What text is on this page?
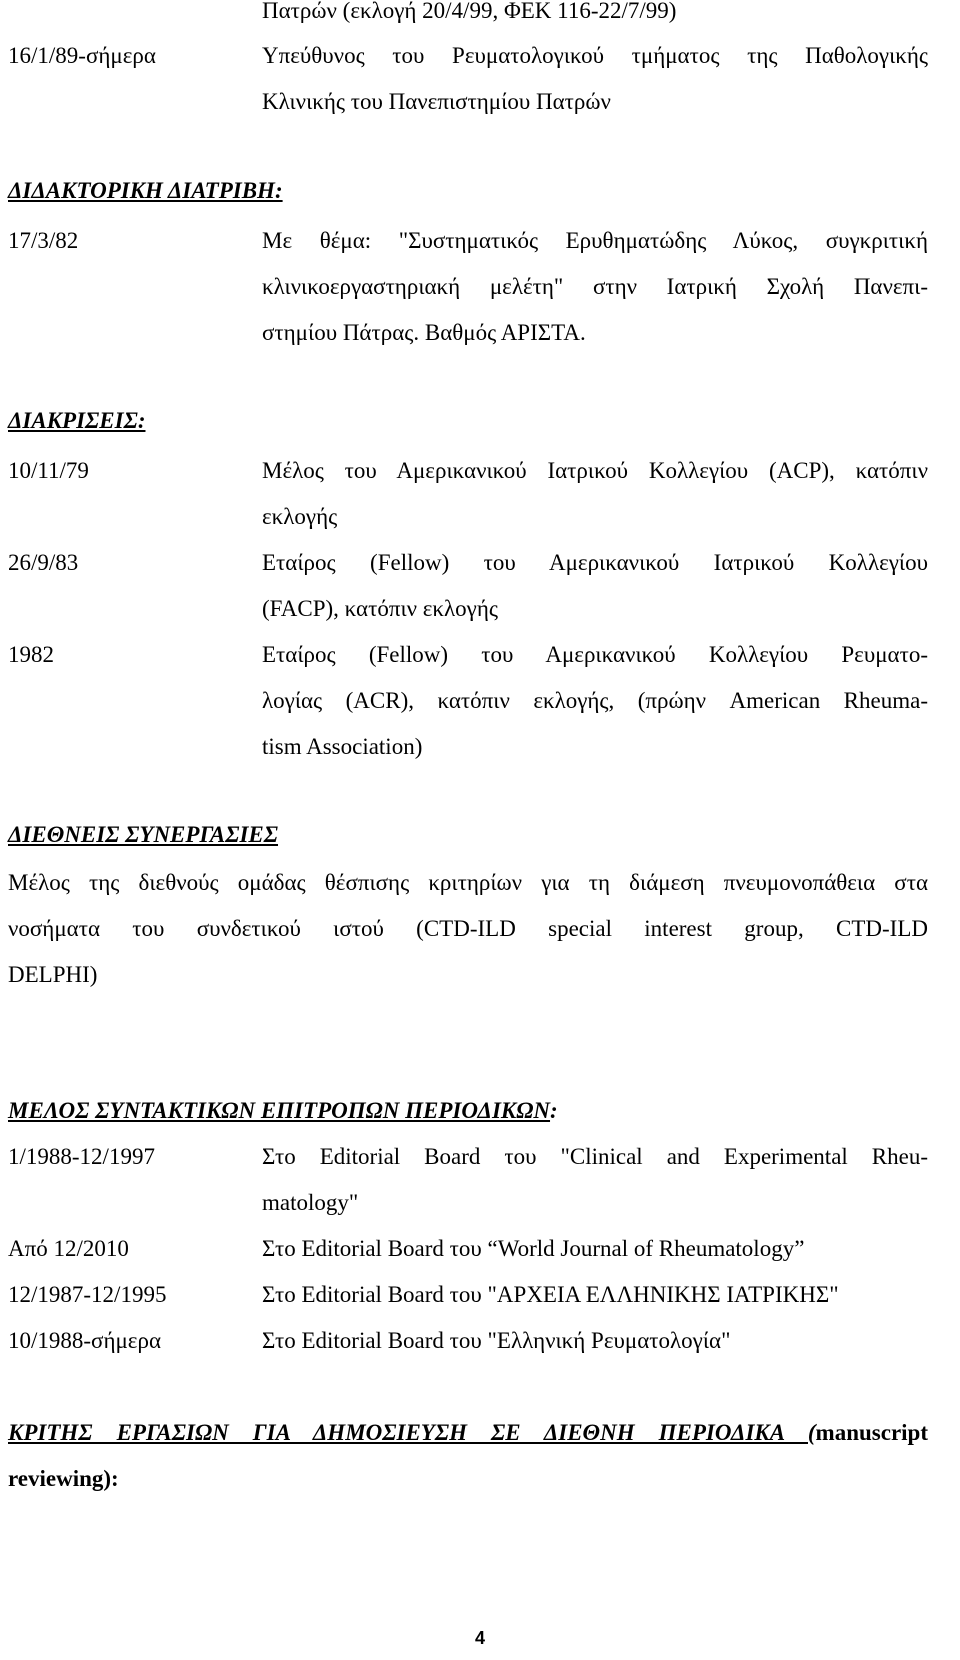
Πατρών (εκλογή 20/4/99, ΦΕΚ 116-22/7/99)
16/1/89-σήμερα	Υπεύθυνος του Ρευματολογικού τμήματος της Παθολογικής
Κλινικής του Πανεπιστημίου Πατρών
ΔΙΔΑΚΤΟΡΙΚΗ ΔΙΑΤΡΙΒΗ:
17/3/82	Με θέμα: "Συστηματικός Ερυθηματώδης Λύκος, συγκριτική
κλινικοεργαστηριακή μελέτη" στην Ιατρική Σχολή Πανεπι-
στημίου Πάτρας. Βαθμός ΑΡΙΣΤΑ.
ΔΙΑΚΡΙΣΕΙΣ:
10/11/79	Μέλος του Αμερικανικού Ιατρικού Κολλεγίου (ACP), κατόπιν
εκλογής
26/9/83	Εταίρος (Fellow) του Αμερικανικού Ιατρικού Κολλεγίου
(FACP), κατόπιν εκλογής
1982	Εταίρος (Fellow) του Αμερικανικού Κολλεγίου Ρευματο-
λογίας (ACR), κατόπιν εκλογής, (πρώην American Rheuma-
tism Association)
ΔΙΕΘΝΕΙΣ ΣΥΝΕΡΓΑΣΙΕΣ
Μέλος της διεθνούς ομάδας θέσπισης κριτηρίων για τη διάμεση πνευμονοπάθεια στα
νοσήματα του συνδετικού ιστού (CTD-ILD special interest group, CTD-ILD
DELPHI)
ΜΕΛΟΣ ΣΥΝΤΑΚΤΙΚΩΝ ΕΠΙΤΡΟΠΩΝ ΠΕΡΙΟΔΙΚΩΝ:
1/1988-12/1997	Στο Editorial Board του "Clinical and Experimental Rheu-
matology"
Από 12/2010	Στο Editorial Board του “World Journal of Rheumatology”
12/1987-12/1995	Στο Editorial Board του "ΑΡΧΕΙΑ ΕΛΛΗΝΙΚΗΣ ΙΑΤΡΙΚΗΣ"
10/1988-σήμερα	Στο Editorial Board του "Ελληνική Ρευματολογία"
ΚΡΙΤΗΣ ΕΡΓΑΣΙΩΝ ΓΙΑ ΔΗΜΟΣΙΕΥΣΗ ΣΕ ΔΙΕΘΝΗ ΠΕΡΙΟΔΙΚΑ (manuscript
reviewing):
4
